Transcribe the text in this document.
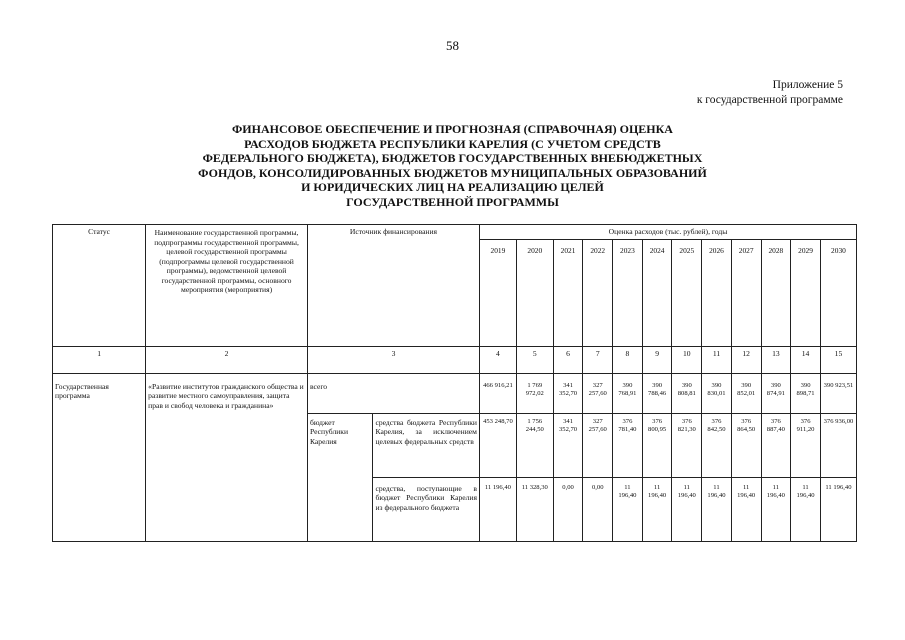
58
Приложение 5
к государственной программе
ФИНАНСОВОЕ ОБЕСПЕЧЕНИЕ И ПРОГНОЗНАЯ (СПРАВОЧНАЯ) ОЦЕНКА
РАСХОДОВ БЮДЖЕТА РЕСПУБЛИКИ КАРЕЛИЯ (С УЧЕТОМ СРЕДСТВ
ФЕДЕРАЛЬНОГО БЮДЖЕТА), БЮДЖЕТОВ ГОСУДАРСТВЕННЫХ ВНЕБЮДЖЕТНЫХ
ФОНДОВ, КОНСОЛИДИРОВАННЫХ БЮДЖЕТОВ МУНИЦИПАЛЬНЫХ ОБРАЗОВАНИЙ
И ЮРИДИЧЕСКИХ ЛИЦ НА РЕАЛИЗАЦИЮ ЦЕЛЕЙ
ГОСУДАРСТВЕННОЙ ПРОГРАММЫ
Статус	Наименование государственной программы, подпрограммы государственной программы, целевой государственной программы (подпрограммы целевой государственной программы), ведомственной целевой государственной программы, основного мероприятия (мероприятия)	Источник финансирования		Оценка расходов (тыс. рублей), годы											
				2019	2020	2021	2022	2023	2024	2025	2026	2027	2028	2029	2030
1	2	3		4	5	6	7	8	9	10	11	12	13	14	15
Государственная программа	«Развитие институтов гражданского общества и развитие местного самоуправления, защита прав и свобод человека и гражданина»	всего		466 916,21	1 769 972,02	341 352,70	327 257,60	390 768,91	390 788,46	390 808,81	390 830,01	390 852,01	390 874,91	390 898,71	390 923,51
		бюджет Республики Карелия	средства бюджета Республики Карелия, за исключением целевых федеральных средств	453 248,70	1 756 244,50	341 352,70	327 257,60	376 781,40	376 800,95	376 821,30	376 842,50	376 864,50	376 887,40	376 911,20	376 936,00
			средства, поступающие в бюджет Республики Карелия из федерального бюджета	11 196,40	11 328,30	0,00	0,00	11 196,40	11 196,40	11 196,40	11 196,40	11 196,40	11 196,40	11 196,40	11 196,40
